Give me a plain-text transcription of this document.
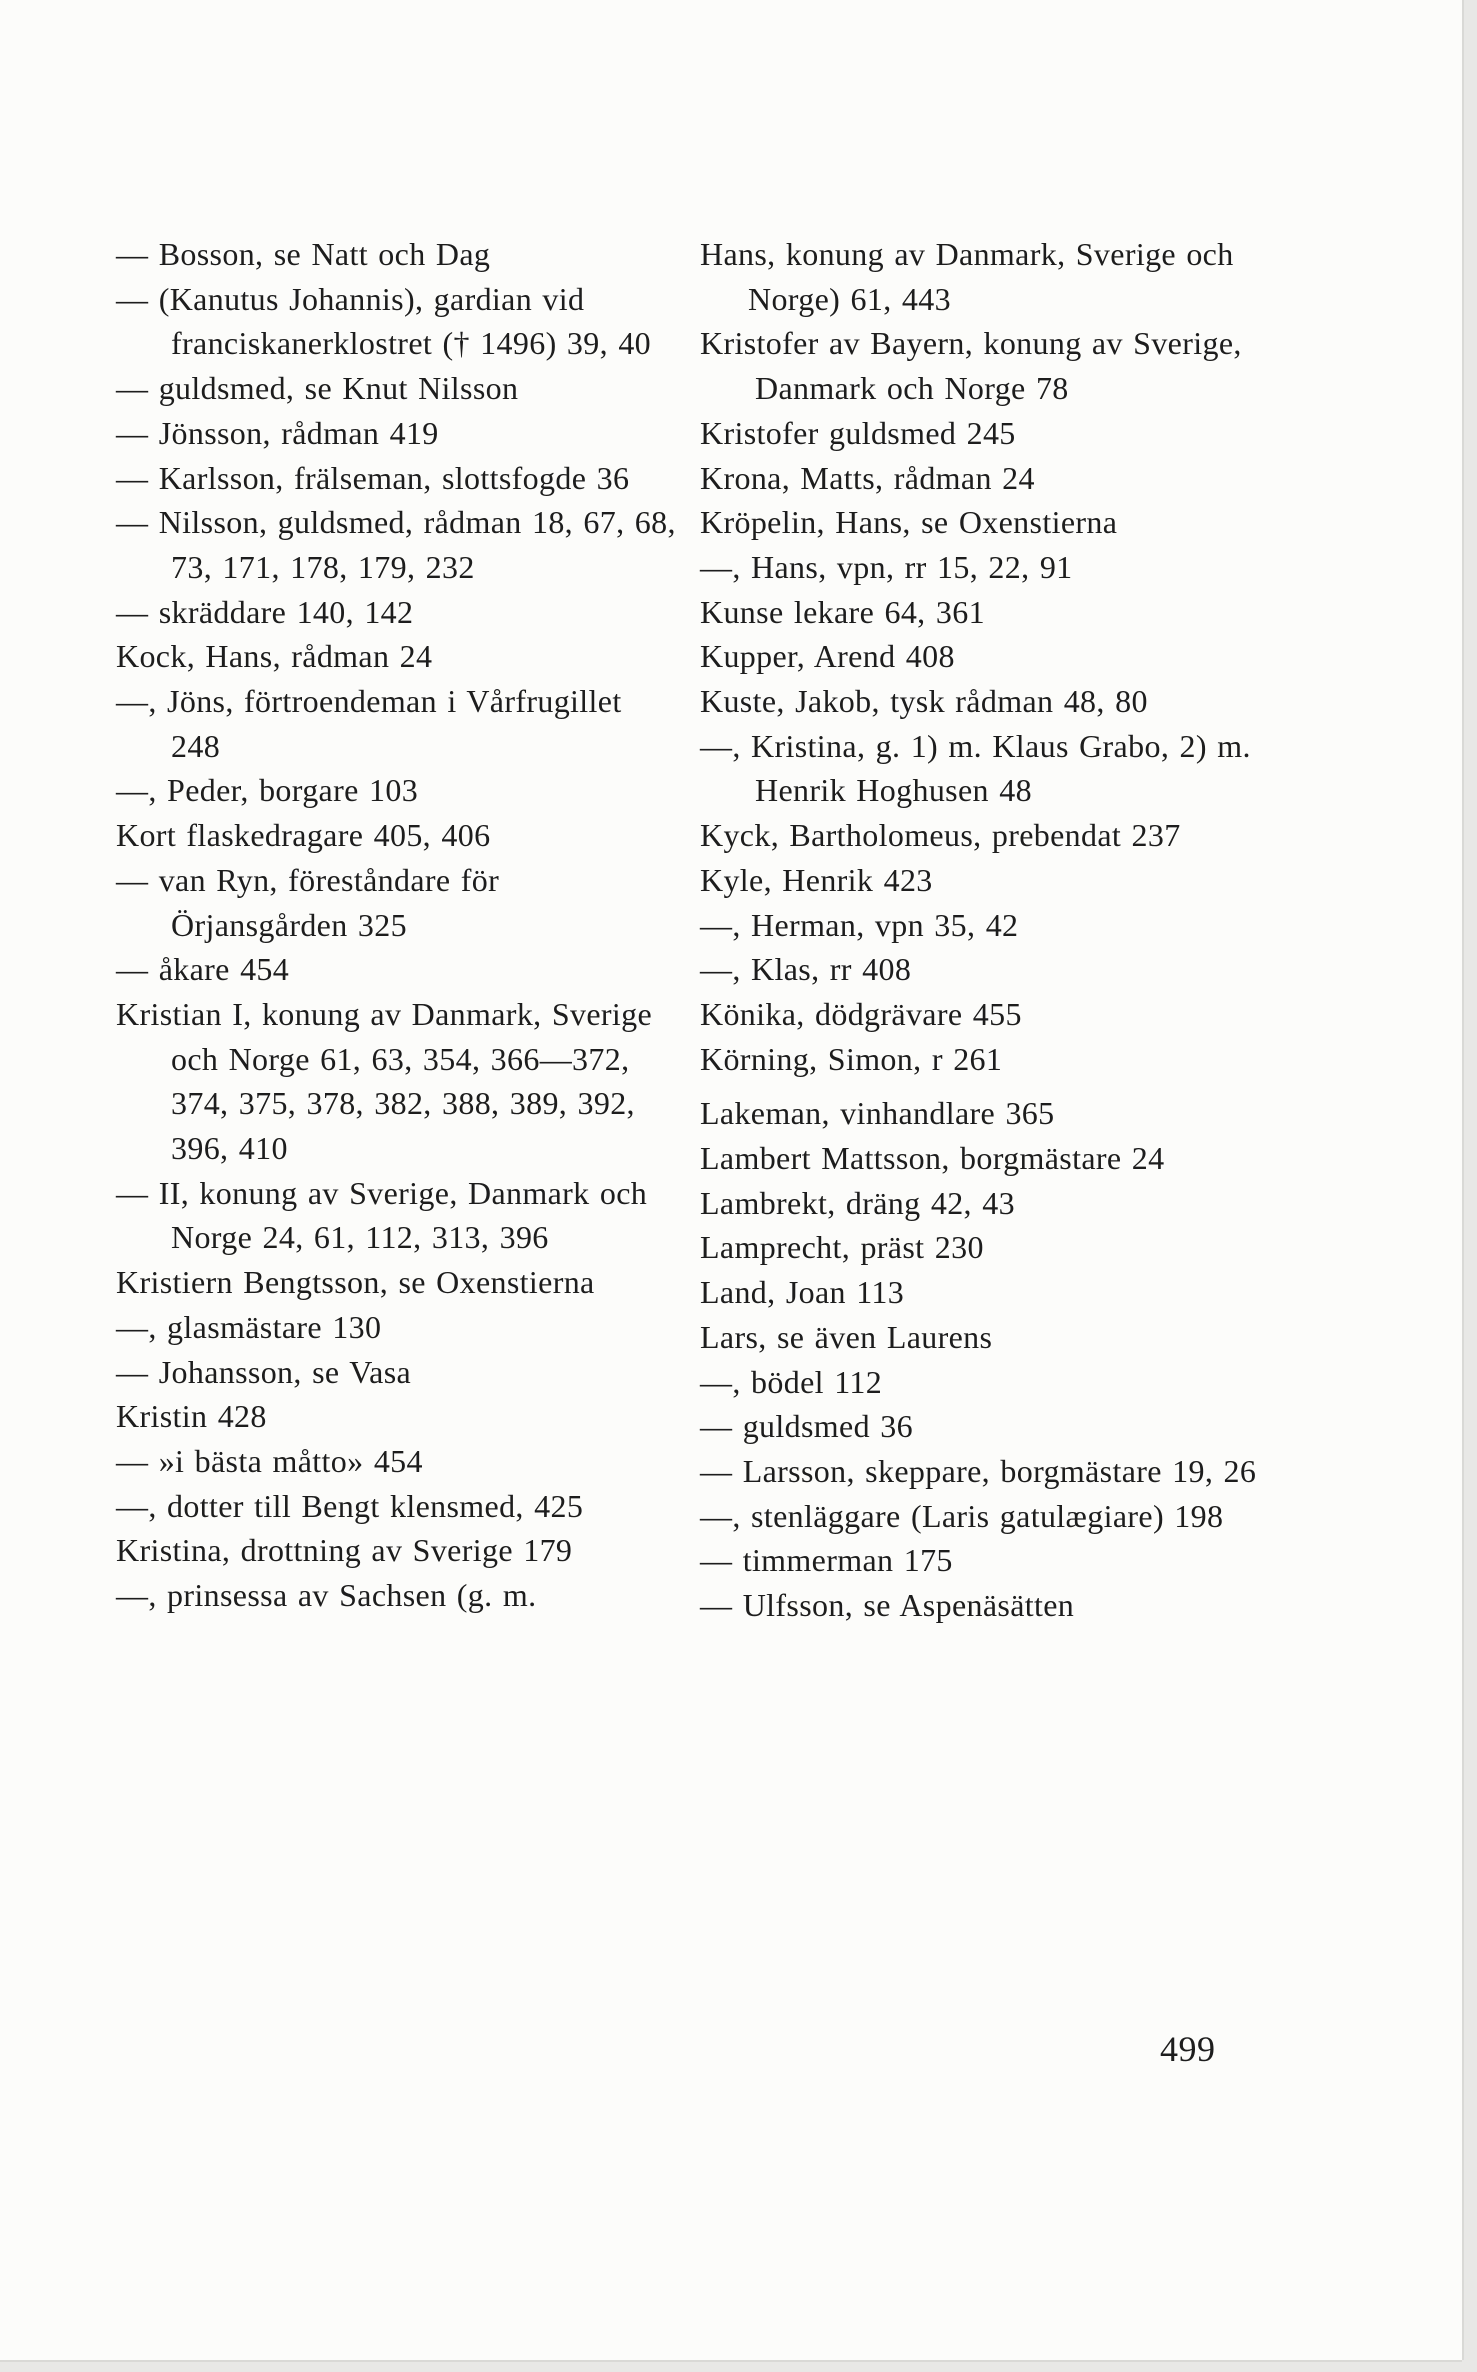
— Bosson, se Natt och Dag
— (Kanutus Johannis), gardian vid franciskanerklostret († 1496) 39, 40
— guldsmed, se Knut Nilsson
— Jönsson, rådman 419
— Karlsson, frälseman, slottsfogde 36
— Nilsson, guldsmed, rådman 18, 67, 68, 73, 171, 178, 179, 232
— skräddare 140, 142
Kock, Hans, rådman 24
—, Jöns, förtroendeman i Vårfrugillet 248
—, Peder, borgare 103
Kort flaskedragare 405, 406
— van Ryn, föreståndare för Örjansgården 325
— åkare 454
Kristian I, konung av Danmark, Sverige och Norge 61, 63, 354, 366—372, 374, 375, 378, 382, 388, 389, 392, 396, 410
— II, konung av Sverige, Danmark och Norge 24, 61, 112, 313, 396
Kristiern Bengtsson, se Oxenstierna
—, glasmästare 130
— Johansson, se Vasa
Kristin 428
— »i bästa måtto» 454
—, dotter till Bengt klensmed, 425
Kristina, drottning av Sverige 179
—, prinsessa av Sachsen (g. m.
Hans, konung av Danmark, Sverige och Norge) 61, 443
Kristofer av Bayern, konung av Sverige, Danmark och Norge 78
Kristofer guldsmed 245
Krona, Matts, rådman 24
Kröpelin, Hans, se Oxenstierna
—, Hans, vpn, rr 15, 22, 91
Kunse lekare 64, 361
Kupper, Arend 408
Kuste, Jakob, tysk rådman 48, 80
—, Kristina, g. 1) m. Klaus Grabo, 2) m. Henrik Hoghusen 48
Kyck, Bartholomeus, prebendat 237
Kyle, Henrik 423
—, Herman, vpn 35, 42
—, Klas, rr 408
Könika, dödgrävare 455
Körning, Simon, r 261
Lakeman, vinhandlare 365
Lambert Mattsson, borgmästare 24
Lambrekt, dräng 42, 43
Lamprecht, präst 230
Land, Joan 113
Lars, se även Laurens
—, bödel 112
— guldsmed 36
— Larsson, skeppare, borgmästare 19, 26
—, stenläggare (Laris gatulægiare) 198
— timmerman 175
— Ulfsson, se Aspenäsätten
499
